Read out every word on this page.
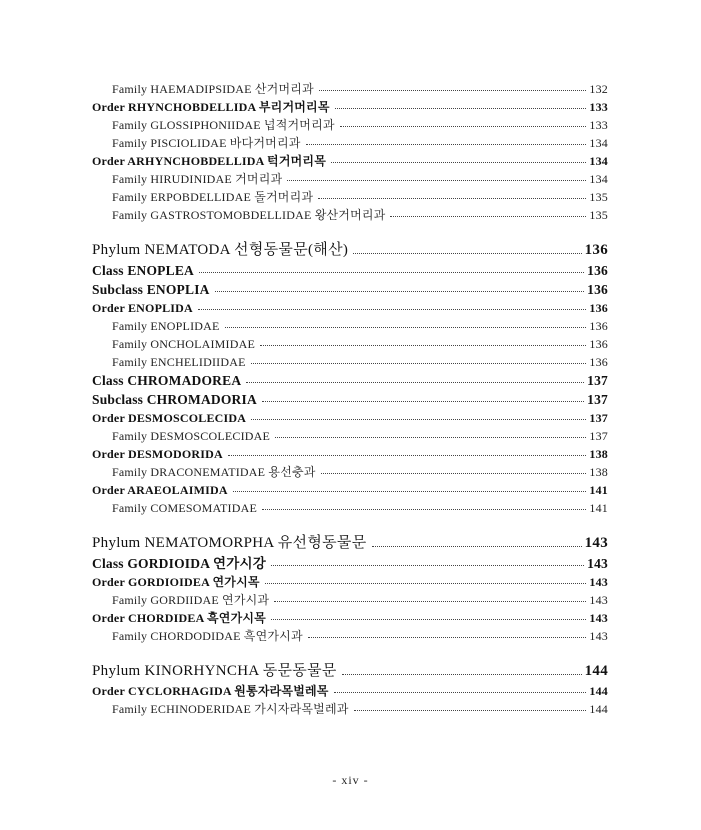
Family HAEMADIPSIDAE 산거머리과	132
Order RHYNCHOBDELLIDA 부리거머리목	133
Family GLOSSIPHONIIDAE 넙적거머리과	133
Family PISCIOLIDAE 바다거머리과	134
Order ARHYNCHOBDELLIDA 턱거머리목	134
Family HIRUDINIDAE 거머리과	134
Family ERPOBDELLIDAE 돌거머리과	135
Family GASTROSTOMOBDELLIDAE 왕산거머리과	135
Phylum NEMATODA 선형동물문(해산)	136
Class ENOPLEA	136
Subclass ENOPLIA	136
Order ENOPLIDA	136
Family ENOPLIDAE	136
Family ONCHOLAIMIDAE	136
Family ENCHELIDIIDAE	136
Class CHROMADOREA	137
Subclass CHROMADORIA	137
Order DESMOSCOLECIDA	137
Family DESMOSCOLECIDAE	137
Order DESMODORIDA	138
Family DRACONEMATIDAE 용선충과	138
Order ARAEOLAIMIDA	141
Family COMESOMATIDAE	141
Phylum NEMATOMORPHA 유선형동물문	143
Class GORDIOIDA 연가시강	143
Order GORDIOIDEA 연가시목	143
Family GORDIIDAE 연가시과	143
Order CHORDIDEA 흑연가시목	143
Family CHORDODIDAE 흑연가시과	143
Phylum KINORHYNCHA 동문동물문	144
Order CYCLORHAGIDA 원통자라목벌레목	144
Family ECHINODERIDAE 가시자라목벌레과	144
- xiv -
